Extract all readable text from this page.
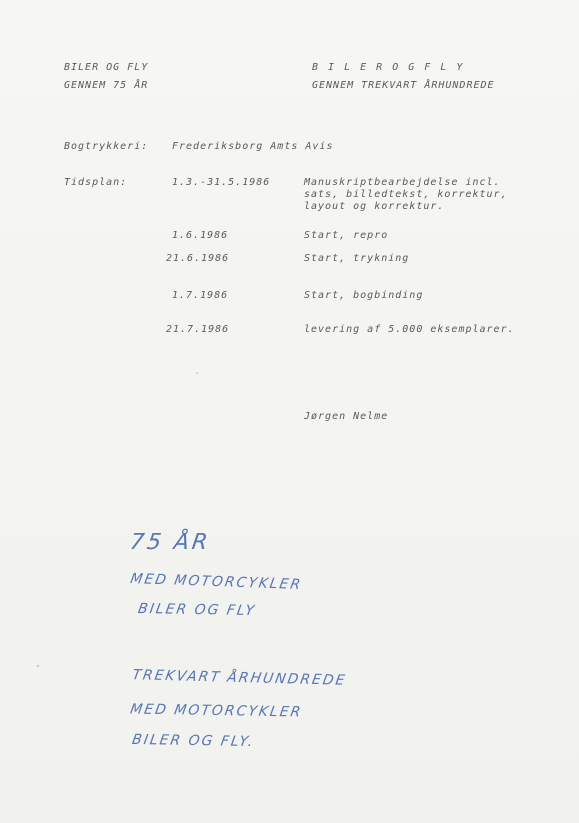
BILER OG FLY
GENNEM 75 ÅR
B I L E R O G F L Y
GENNEM TREKVART ÅRHUNDREDE
Bogtrykkeri: Frederiksborg Amts Avis
Tidsplan:	1.3.-31.5.1986	Manuskriptbearbejdelse incl.
sats, billedtekst, korrektur,
layout og korrektur.
1.6.1986	Start, repro
21.6.1986	Start, trykning
1.7.1986	Start, bogbinding
21.7.1986	levering af 5.000 eksemplarer.
Jørgen Nelme
75 ÅR
MED MOTORCYKLER
BILER OG FLY
TREKVART ÅRHUNDREDE
MED MOTORCYKLER
BILER OG FLY.
